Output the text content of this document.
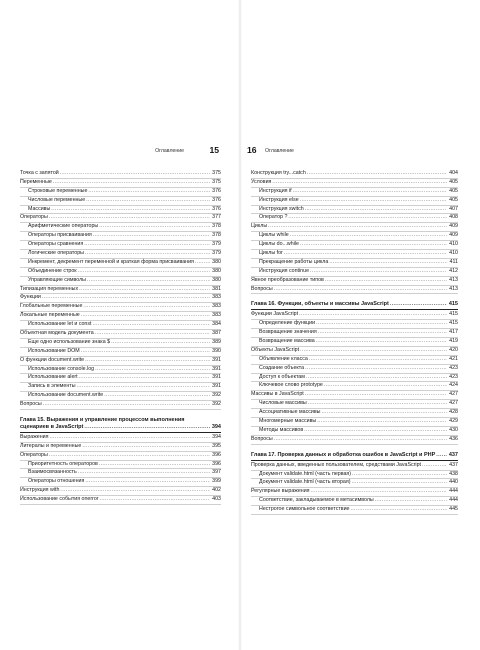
Оглавление	15
Точка с запятой .....	375
Переменные .....	375
Строковые переменные .....	376
Числовые переменные .....	376
Массивы .....	376
Операторы .....	377
Арифметические операторы .....	378
Операторы присваивания .....	378
Операторы сравнения .....	379
Логические операторы .....	379
Инкремент, декремент переменной и краткая форма присваивания .....	380
Объединение строк .....	380
Управляющие символы .....	380
Типизация переменных .....	381
Функции .....	383
Глобальные переменные .....	383
Локальные переменные .....	383
Использование let и const .....	384
Объектная модель документа .....	387
Еще одно использование знака $ .....	389
Использование DOM .....	390
О функции document.write .....	391
Использование console.log .....	391
Использование alert .....	391
Запись в элементы .....	391
Использование document.write .....	392
Вопросы .....	392
Глава 15. Выражения и управление процессом выполнения
сценариев в JavaScript .....	394
Выражения .....	394
Литералы и переменные .....	395
Операторы .....	396
Приоритетность операторов .....	396
Взаимосвязанность .....	397
Операторы отношения .....	399
Инструкция with .....	402
Использование события onerror .....	403
16 Оглавление
Конструкция try...catch .....	404
Условия .....	405
Инструкция if .....	405
Инструкция else .....	405
Инструкция switch .....	407
Оператор ? .....	408
Циклы .....	409
Циклы while .....	409
Циклы do...while .....	410
Циклы for .....	410
Прекращение работы цикла .....	411
Инструкция continue .....	412
Явное преобразование типов .....	413
Вопросы .....	413
Глава 16. Функции, объекты и массивы JavaScript .....	415
Функции JavaScript .....	415
Определение функции .....	415
Возвращение значения .....	417
Возвращение массива .....	419
Объекты JavaScript .....	420
Объявление класса .....	421
Создание объекта .....	423
Доступ к объектам .....	423
Ключевое слово prototype .....	424
Массивы в JavaScript .....	427
Числовые массивы .....	427
Ассоциативные массивы .....	428
Многомерные массивы .....	429
Методы массивов .....	430
Вопросы .....	436
Глава 17. Проверка данных и обработка ошибок в JavaScript и PHP ..... 437
Проверка данных, введенных пользователем, средствами JavaScript .....	437
Документ validate.html (часть первая) .....	438
Документ validate.html (часть вторая) .....	440
Регулярные выражения .....	444
Соответствие, закладываемое в метасимволы .....	444
Нестрогое символьное соответствие .....	445
